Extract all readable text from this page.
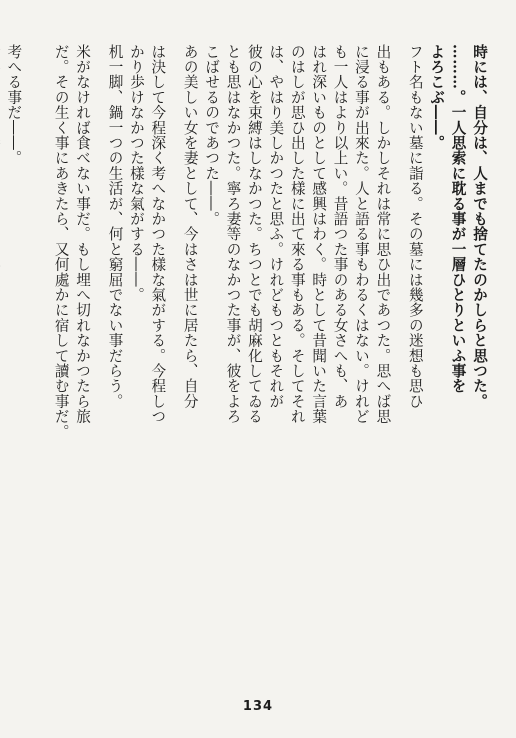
時には、自分は、人までも捨てたのかしらと思つた。
………。一人思索に耽る事が一層ひとりといふ事を
よろこぶ――。
フト名もない墓に詣る。その墓には幾多の迷想も思ひ
出もある。しかしそれは常に思ひ出であつた。思へば思
に浸る事が出來た。人と語る事もわるくはない。けれど
も一人はより以上い。昔語つた事のある女さへも、あ
はれ深いものとして感興はわく。時として昔聞いた言葉
のはしが思ひ出した樣に出て來る事もある。そしてそれ
は、やはり美しかつたと思ふ。けれどもつともそれが
彼の心を束縛はしなかつた。ちつとでも胡麻化してゐる
とも思はなかつた。寧ろ妻等のなかつた事が、彼をよろ
こばせるのであつた――。
あの美しい女を妻として、今はさは世に居たら、自分
は決して今程深く考へなかつた樣な氣がする。今程しつ
かり歩けなかつた樣な氣がする――。
机一脚、鍋一つの生活が、何と窮屈でない事だらう。
米がなければ食べない事だ。もし埋へ切れなかつたら旅
だ。その生く事にあきたら、又何處かに宿して讀む事だ。
考へる事だ――。
134
